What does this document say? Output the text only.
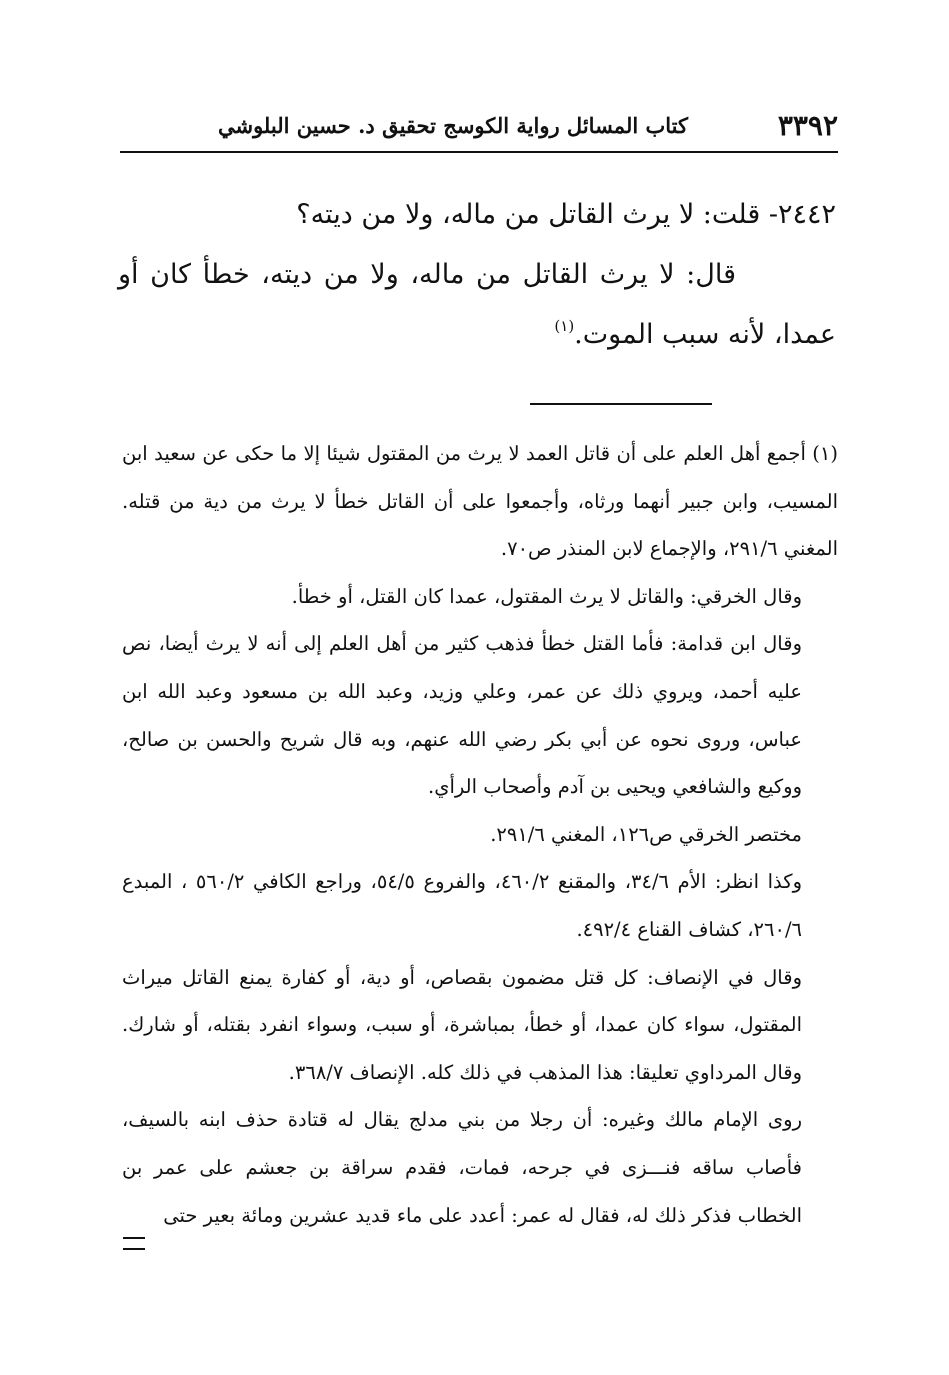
٣٣٩٢
كتاب المسائل رواية الكوسج تحقيق د. حسين البلوشي

٢٤٤٢- قلت: لا يرث القاتل من ماله، ولا من ديته؟

قال: لا يرث القاتل من ماله، ولا من ديته، خطأ كان أو عمدا، لأنه سبب الموت.$^{(١)}$

(١) أجمع أهل العلم على أن قاتل العمد لا يرث من المقتول شيئا إلا ما حكى عن سعيد ابن المسيب، وابن جبير أنهما ورثاه، وأجمعوا على أن القاتل خطأ لا يرث من دية من قتله. المغني ٢٩١/٦، والإجماع لابن المنذر ص٧٠.

وقال الخرقي: والقاتل لا يرث المقتول، عمدا كان القتل، أو خطأ.

وقال ابن قدامة: فأما القتل خطأ فذهب كثير من أهل العلم إلى أنه لا يرث أيضا، نص عليه أحمد، ويروي ذلك عن عمر، وعلي وزيد، وعبد الله بن مسعود وعبد الله ابن عباس، وروى نحوه عن أبي بكر رضي الله عنهم، وبه قال شريح والحسن بن صالح، ووكيع والشافعي ويحيى بن آدم وأصحاب الرأي.

مختصر الخرقي ص١٢٦، المغني ٢٩١/٦.

وكذا انظر: الأم ٣٤/٦، والمقنع ٤٦٠/٢، والفروع ٥٤/٥، وراجع الكافي ٥٦٠/٢ ، المبدع ٢٦٠/٦، كشاف القناع ٤٩٢/٤.

وقال في الإنصاف: كل قتل مضمون بقصاص، أو دية، أو كفارة يمنع القاتل ميراث المقتول، سواء كان عمدا، أو خطأ، بمباشرة، أو سبب، وسواء انفرد بقتله، أو شارك. وقال المرداوي تعليقا: هذا المذهب في ذلك كله. الإنصاف ٣٦٨/٧.

روى الإمام مالك وغيره: أن رجلا من بني مدلج يقال له قتادة حذف ابنه بالسيف، فأصاب ساقه فنـــزى في جرحه، فمات، فقدم سراقة بن جعشم على عمر بن الخطاب فذكر ذلك له، فقال له عمر: أعدد على ماء قديد عشرين ومائة بعير حتى
